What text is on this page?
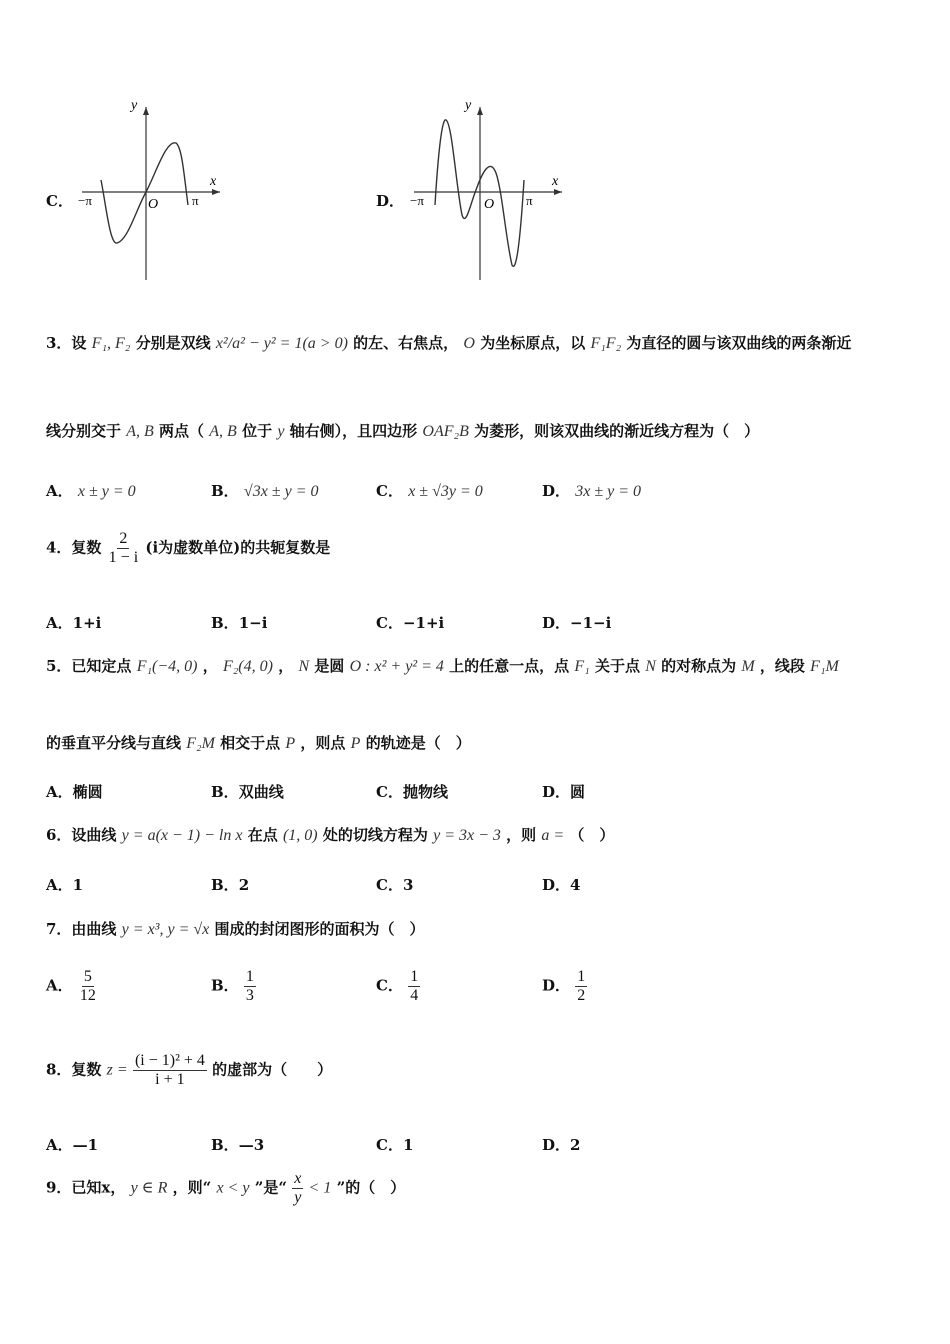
C．
y
x
O
−π	π	D．
y
x
O
−π	π
3．设 F₁, F₂ 分别是双线 x²/a² − y² = 1(a > 0) 的左、右焦点， O 为坐标原点，以 F₁F₂ 为直径的圆与该双曲线的两条渐近
线分别交于 A, B 两点（ A, B 位于 y 轴右侧），且四边形 OAF₂B 为菱形，则该双曲线的渐近线方程为（　）
A． x ± y = 0	B． √3x ± y = 0	C． x ± √3y = 0	D． 3x ± y = 0
4．复数 $\frac{2}{1 - i} (i$为虚数单位)的共轭复数是
A．1+i	B．1−i	C．−1+i	D．−1−i
5．已知定点 F₁(−4, 0) ， F₂(4, 0) ， N 是圆 O : x² + y² = 4 上的任意一点，点 F₁ 关于点 N 的对称点为 M ，线段 F₁M
的垂直平分线与直线 F₂M 相交于点 P ，则点 P 的轨迹是（　）
A．椭圆	B．双曲线	C．抛物线	D．圆
6．设曲线 y = a(x − 1) − ln x 在点 (1, 0) 处的切线方程为 y = 3x − 3 ，则 a = （　）
A．1	B．2	C．3	D．4
7．由曲线 y = x³, y = √x 围成的封闭图形的面积为（　）
A． $\frac{5}{12}$	B． $\frac{1}{3}$	C． $\frac{1}{4}$	D． $\frac{1}{2}$
8．复数 $z = \frac{\text{(i − 1)² + 4}}{i + 1}$ 的虚部为（　　）
A．—1	B．—3	C．1	D．2
9．已知x， y ∈ R ，则“ x < y ”是“ $\frac{x}{y} < 1$ ”的（　）
